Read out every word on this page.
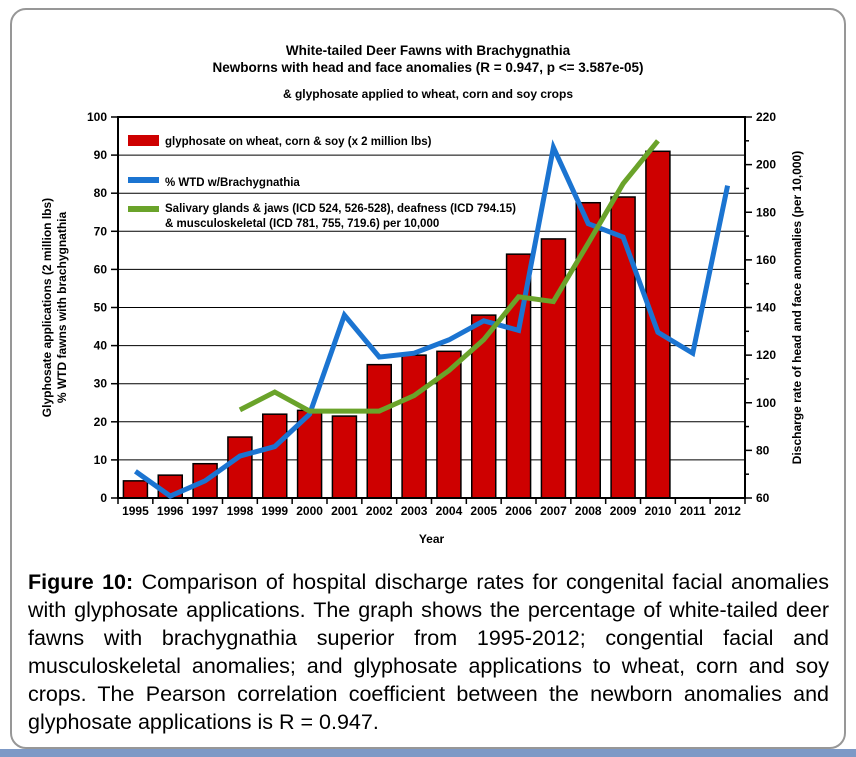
White-tailed Deer Fawns with Brachygnathia
Newborns with head and face anomalies (R = 0.947, p <= 3.587e-05)
& glyphosate applied to wheat, corn and soy crops
0
10
20
30
40
50
60
70
80
90
100
60
80
100
120
140
160
180
200
220
1995 1996 1997 1998 1999 2000 2001 2002 2003 2004 2005 2006 2007 2008 2009 2010 2011 2012
glyphosate on wheat, corn & soy (x 2 million lbs)
% WTD w/Brachygnathia
Salivary glands & jaws (ICD 524, 526-528), deafness (ICD 794.15)
& musculoskeletal (ICD 781, 755, 719.6) per 10,000
Glyphosate applications (2 million lbs) % WTD fawns with brachygnathia	Discharge rate of head and face anomalies (per 10,000)
Year

Figure 10: Comparison of hospital discharge rates for congenital facial anomalies with glyphosate applications. The graph shows the percentage of white-tailed deer fawns with brachygnathia superior from 1995-2012; congential facial and musculoskeletal anomalies; and glyphosate applications to wheat, corn and soy crops. The Pearson correlation coefficient between the newborn anomalies and glyphosate applications is R = 0.947.
